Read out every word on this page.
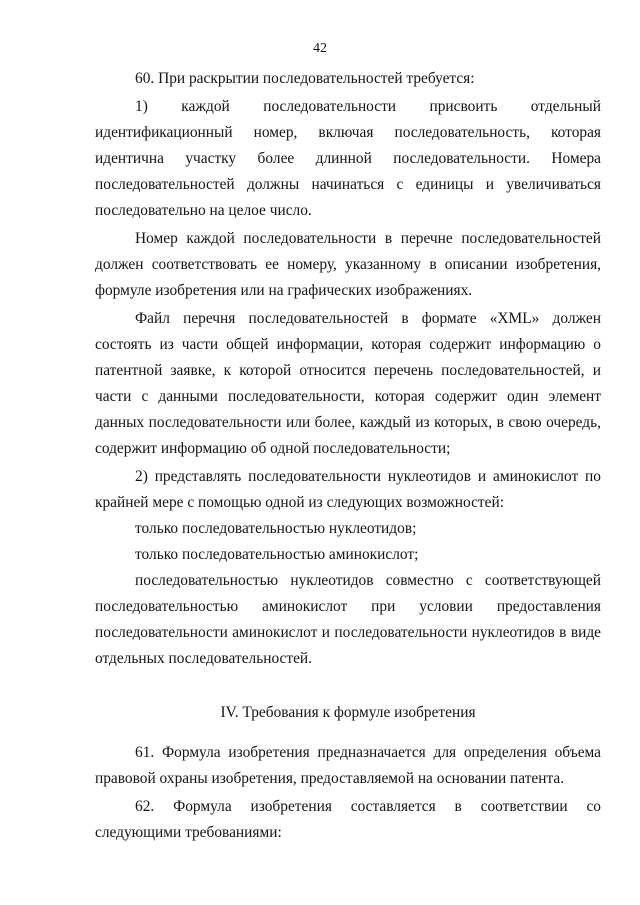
42

60. При раскрытии последовательностей требуется:

1) каждой последовательности присвоить отдельный идентификационный номер, включая последовательность, которая идентична участку более длинной последовательности. Номера последовательностей должны начинаться с единицы и увеличиваться последовательно на целое число.

Номер каждой последовательности в перечне последовательностей должен соответствовать ее номеру, указанному в описании изобретения, формуле изобретения или на графических изображениях.

Файл перечня последовательностей в формате «XML» должен состоять из части общей информации, которая содержит информацию о патентной заявке, к которой относится перечень последовательностей, и части с данными последовательности, которая содержит один элемент данных последовательности или более, каждый из которых, в свою очередь, содержит информацию об одной последовательности;

2) представлять последовательности нуклеотидов и аминокислот по крайней мере с помощью одной из следующих возможностей:

только последовательностью нуклеотидов;

только последовательностью аминокислот;

последовательностью нуклеотидов совместно с соответствующей последовательностью аминокислот при условии предоставления последовательности аминокислот и последовательности нуклеотидов в виде отдельных последовательностей.

IV. Требования к формуле изобретения

61. Формула изобретения предназначается для определения объема правовой охраны изобретения, предоставляемой на основании патента.

62. Формула изобретения составляется в соответствии со следующими требованиями:
